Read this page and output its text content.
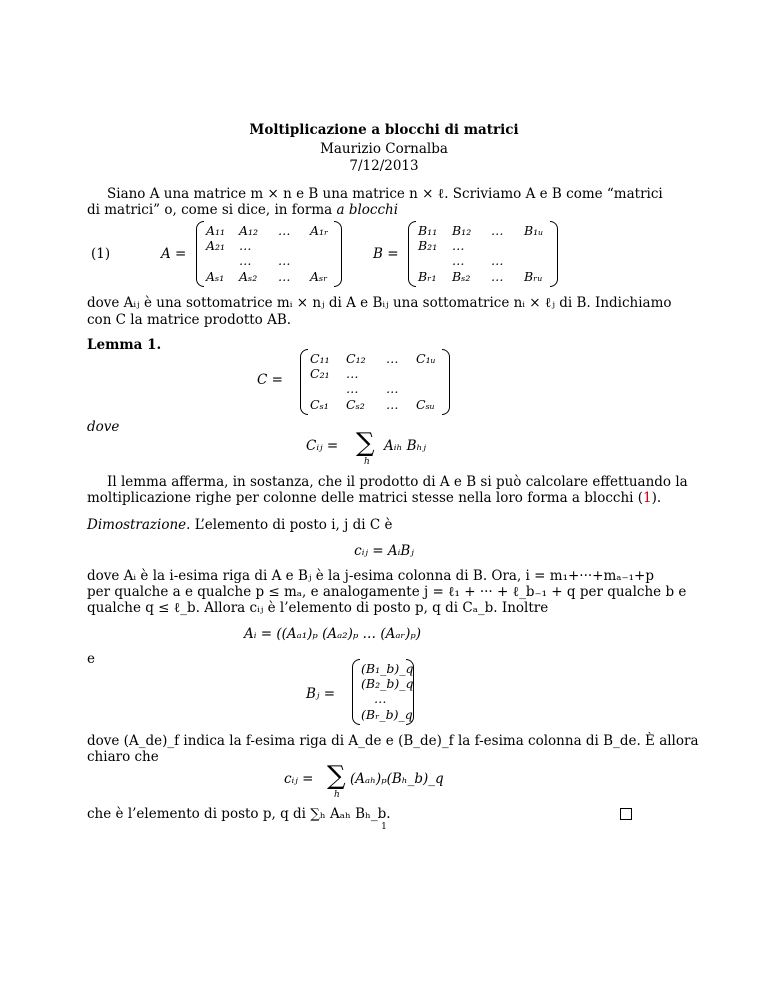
Moltiplicazione a blocchi di matrici
Maurizio Cornalba
7/12/2013
Siano A una matrice m × n e B una matrice n × ℓ. Scriviamo A e B come “matrici
di matrici” o, come si dice, in forma a blocchi
(1)	A =
A₁₁ A₁₂ … A₁ᵣ
A₂₁ …
… …
Aₛ₁ Aₛ₂ … Aₛᵣ
B =
B₁₁ B₁₂ … B₁ᵤ
B₂₁ …
… …
Bᵣ₁ Bₛ₂ … Bᵣᵤ
dove Aᵢⱼ è una sottomatrice mᵢ × nⱼ di A e Bᵢⱼ una sottomatrice nᵢ × ℓⱼ di B. Indichiamo
con C la matrice prodotto AB.
Lemma 1.
C =
C₁₁ C₁₂ … C₁ᵤ
C₂₁ …
… …
Cₛ₁ Cₛ₂ … Cₛᵤ
dove
Cᵢⱼ = ∑ Aᵢₕ Bₕⱼ
h
Il lemma afferma, in sostanza, che il prodotto di A e B si può calcolare effettuando la
moltiplicazione righe per colonne delle matrici stesse nella loro forma a blocchi (1).
Dimostrazione. L’elemento di posto i, j di C è
cᵢⱼ = AᵢBⱼ
dove Aᵢ è la i-esima riga di A e Bⱼ è la j-esima colonna di B. Ora, i = m₁+···+mₐ₋₁+p
per qualche a e qualche p ≤ mₐ, e analogamente j = ℓ₁ + ··· + ℓ_b₋₁ + q per qualche b e
qualche q ≤ ℓ_b. Allora cᵢⱼ è l’elemento di posto p, q di Cₐ_b. Inoltre
Aᵢ = ((Aₐ₁)ₚ (Aₐ₂)ₚ … (Aₐᵣ)ₚ)
e
Bⱼ =
(B₁_b)_q
(B₂_b)_q
…
(Bᵣ_b)_q
dove (A_de)_f indica la f-esima riga di A_de e (B_de)_f la f-esima colonna di B_de. È allora
chiaro che
cᵢⱼ = ∑ (Aₐₕ)ₚ(Bₕ_b)_q
h
che è l’elemento di posto p, q di ∑ₕ Aₐₕ Bₕ_b.
1
